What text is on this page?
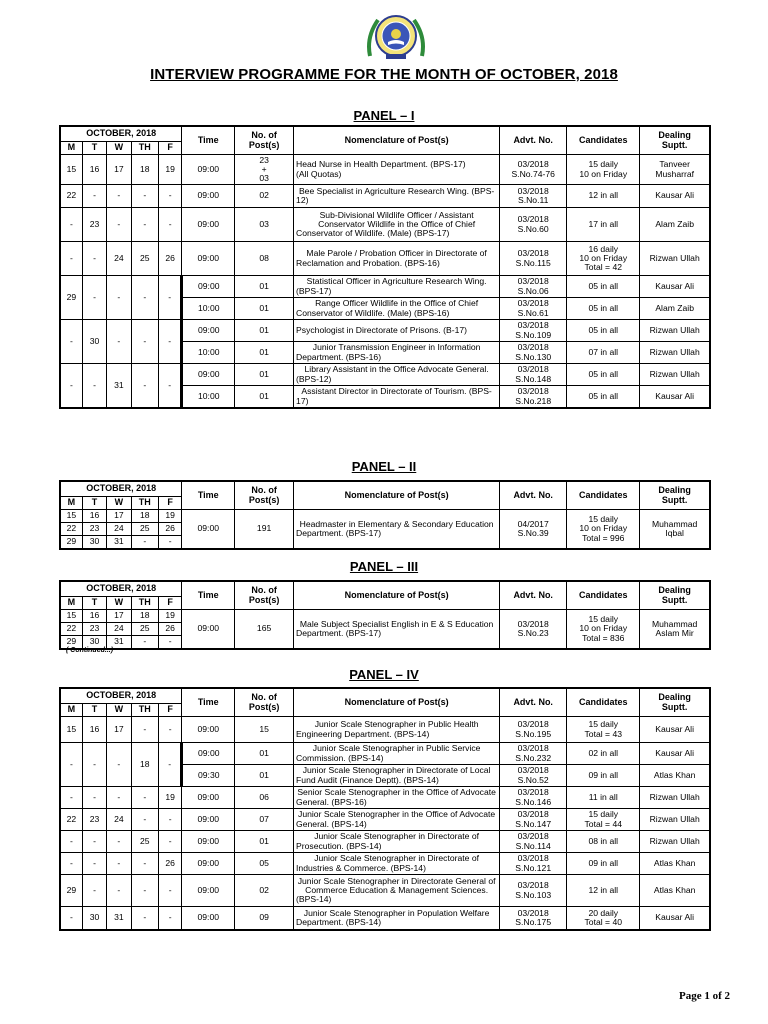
INTERVIEW PROGRAMME FOR THE MONTH OF OCTOBER, 2018
PANEL – I
OCTOBER, 2018					Time	No. of
Post(s)	Nomenclature of Post(s)	Advt. No.	Candidates	Dealing
Suptt.
M	T	W	TH	F						
15	16	17	18	19	09:00	23
+
03	Head Nurse in Health Department. (BPS-17)
(All Quotas)	03/2018
S.No.74-76	15 daily
10 on Friday	Tanveer
Musharraf
22	-	-	-	-	09:00	02	Bee Specialist in Agriculture Research Wing. (BPS-12)	03/2018
S.No.11	12 in all	Kausar Ali
-	23	-	-	-	09:00	03	Sub-Divisional Wildlife Officer / Assistant Conservator Wildlife in the Office of Chief Conservator of Wildlife. (Male) (BPS-17)	03/2018
S.No.60	17 in all	Alam Zaib
-	-	24	25	26	09:00	08	Male Parole / Probation Officer in Directorate of Reclamation and Probation. (BPS-16)	03/2018
S.No.115	16 daily
10 on Friday
Total = 42	Rizwan Ullah
29	-	-	-	-	09:00	01	Statistical Officer in Agriculture Research Wing. (BPS-17)	03/2018
S.No.06	05 in all	Kausar Ali
					10:00	01	Range Officer Wildlife in the Office of Chief Conservator of Wildlife. (Male) (BPS-16)	03/2018
S.No.61	05 in all	Alam Zaib
-	30	-	-	-	09:00	01	Psychologist in Directorate of Prisons. (B-17)	03/2018
S.No.109	05 in all	Rizwan Ullah
					10:00	01	Junior Transmission Engineer in Information Department. (BPS-16)	03/2018
S.No.130	07 in all	Rizwan Ullah
-	-	31	-	-	09:00	01	Library Assistant in the Office Advocate General. (BPS-12)	03/2018
S.No.148	05 in all	Rizwan Ullah
					10:00	01	Assistant Director in Directorate of Tourism. (BPS-17)	03/2018
S.No.218	05 in all	Kausar Ali
PANEL – II
OCTOBER, 2018					Time	No. of
Post(s)	Nomenclature of Post(s)	Advt. No.	Candidates	Dealing
Suptt.
M	T	W	TH	F						
15	16	17	18	19	09:00	191	Headmaster in Elementary & Secondary Education Department. (BPS-17)	04/2017
S.No.39	15 daily
10 on Friday
Total = 996	Muhammad
Iqbal
22	23	24	25	26						
29	30	31	-	-						
PANEL – III
OCTOBER, 2018					Time	No. of
Post(s)	Nomenclature of Post(s)	Advt. No.	Candidates	Dealing
Suptt.
M	T	W	TH	F						
15	16	17	18	19	09:00	165	Male Subject Specialist English in E & S Education Department. (BPS-17)	03/2018
S.No.23	15 daily
10 on Friday
Total = 836	Muhammad
Aslam Mir
22	23	24	25	26						
29	30	31	-	-						
( Continued...)
PANEL – IV
OCTOBER, 2018					Time	No. of
Post(s)	Nomenclature of Post(s)	Advt. No.	Candidates	Dealing
Suptt.
M	T	W	TH	F						
15	16	17	-	-	09:00	15	Junior Scale Stenographer in Public Health Engineering Department. (BPS-14)	03/2018
S.No.195	15 daily
Total = 43	Kausar Ali
-	-	-	18	-	09:00	01	Junior Scale Stenographer in Public Service Commission. (BPS-14)	03/2018
S.No.232	02 in all	Kausar Ali
					09:30	01	Junior Scale Stenographer in Directorate of Local Fund Audit (Finance Deptt). (BPS-14)	03/2018
S.No.52	09 in all	Atlas Khan
-	-	-	-	19	09:00	06	Senior Scale Stenographer in the Office of Advocate General. (BPS-16)	03/2018
S.No.146	11 in all	Rizwan Ullah
22	23	24	-	-	09:00	07	Junior Scale Stenographer in the Office of Advocate General. (BPS-14)	03/2018
S.No.147	15 daily
Total = 44	Rizwan Ullah
-	-	-	25	-	09:00	01	Junior Scale Stenographer in Directorate of Prosecution. (BPS-14)	03/2018
S.No.114	08 in all	Rizwan Ullah
-	-	-	-	26	09:00	05	Junior Scale Stenographer in Directorate of Industries & Commerce. (BPS-14)	03/2018
S.No.121	09 in all	Atlas Khan
29	-	-	-	-	09:00	02	Junior Scale Stenographer in Directorate General of Commerce Education & Management Sciences. (BPS-14)	03/2018
S.No.103	12 in all	Atlas Khan
-	30	31	-	-	09:00	09	Junior Scale Stenographer in Population Welfare Department. (BPS-14)	03/2018
S.No.175	20 daily
Total = 40	Kausar Ali
Page 1 of 2
